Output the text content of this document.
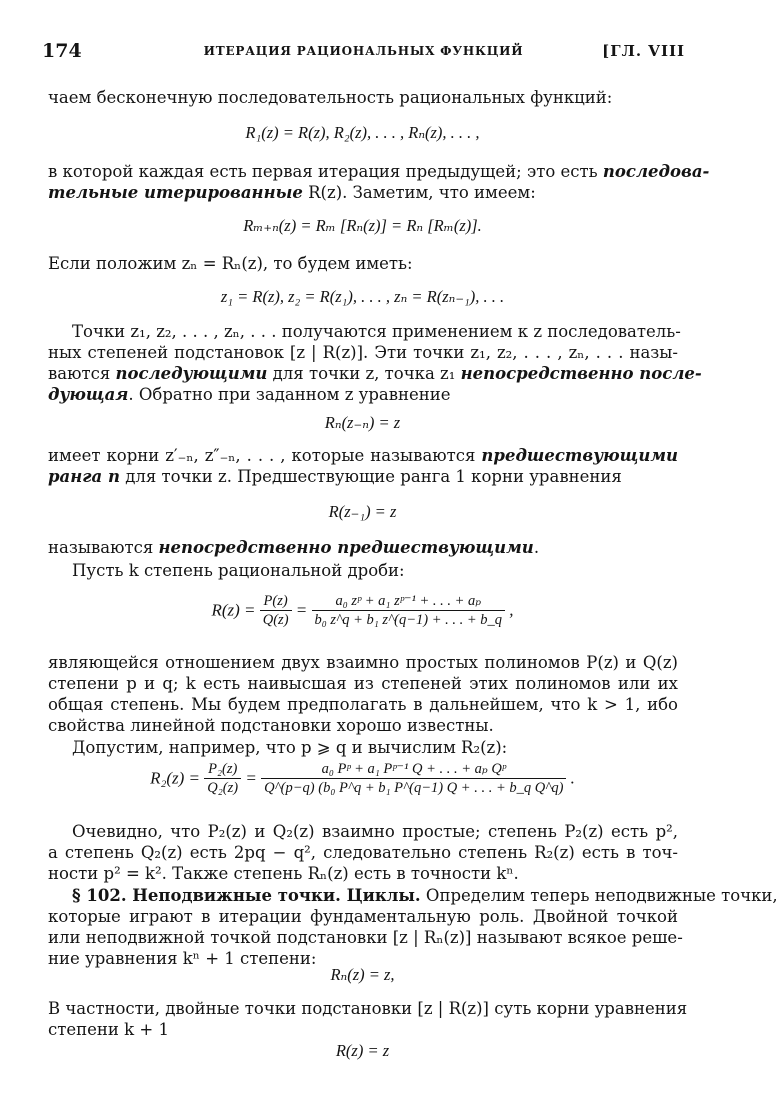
174	ИТЕРАЦИЯ РАЦИОНАЛЬНЫХ ФУНКЦИЙ	[ГЛ. VIII
чаем бесконечную последовательность рациональных функций:
R₁(z) = R(z), R₂(z), . . . , Rₙ(z), . . . ,
в которой каждая есть первая итерация предыдущей; это есть последова-
тельные итерированные R(z). Заметим, что имеем:
Rₘ₊ₙ(z) = Rₘ [Rₙ(z)] = Rₙ [Rₘ(z)].
Если положим zₙ = Rₙ(z), то будем иметь:
z₁ = R(z), z₂ = R(z₁), . . . , zₙ = R(zₙ₋₁), . . .
Точки z₁, z₂, . . . , zₙ, . . . получаются применением к z последователь-
ных степеней подстановок [z | R(z)]. Эти точки z₁, z₂, . . . , zₙ, . . . назы-
ваются последующими для точки z, точка z₁ непосредственно после-
дующая. Обратно при заданном z уравнение
Rₙ(z₋ₙ) = z
имеет корни z′₋ₙ, z″₋ₙ, . . . , которые называются предшествующими
ранга n для точки z. Предшествующие ранга 1 корни уравнения
R(z₋₁) = z
называются непосредственно предшествующими.
Пусть k степень рациональной дроби:
$R(z) = \frac{P(z)}{Q(z)} = \frac{\text{a₀ zᵖ + a₁ zᵖ⁻¹ + . . . + aₚ}}{\text{b₀ z\textasciicircum{}q + b₁ z\textasciicircum{}(q−1) + . . . + b\_q}}$ ,
являющейся отношением двух взаимно простых полиномов P(z) и Q(z)
степени p и q; k есть наивысшая из степеней этих полиномов или их
общая степень. Мы будем предполагать в дальнейшем, что k > 1, ибо
свойства линейной подстановки хорошо известны.
Допустим, например, что p ⩾ q и вычислим R₂(z):
$R_2(z) = \frac{\text{P₂(z)}}{\text{Q₂(z)}} = \frac{\text{a₀ Pᵖ + a₁ Pᵖ⁻¹ Q + . . . + aₚ Qᵖ}}{\text{Q\textasciicircum{}(p−q) (b₀ P\textasciicircum{}q + b₁ P\textasciicircum{}(q−1) Q + . . . + b\_q Q\textasciicircum{}q)}}$ .
Очевидно, что P₂(z) и Q₂(z) взаимно простые; степень P₂(z) есть p²,
а степень Q₂(z) есть 2pq − q², следовательно степень R₂(z) есть в точ-
ности p² = k². Также степень Rₙ(z) есть в точности kⁿ.
§ 102. Неподвижные точки. Циклы. Определим теперь неподвижные точки,
которые играют в итерации фундаментальную роль. Двойной точкой
или неподвижной точкой подстановки [z | Rₙ(z)] называют всякое реше-
ние уравнения kⁿ + 1 степени:
Rₙ(z) = z,
В частности, двойные точки подстановки [z | R(z)] суть корни уравнения
степени k + 1
R(z) = z
